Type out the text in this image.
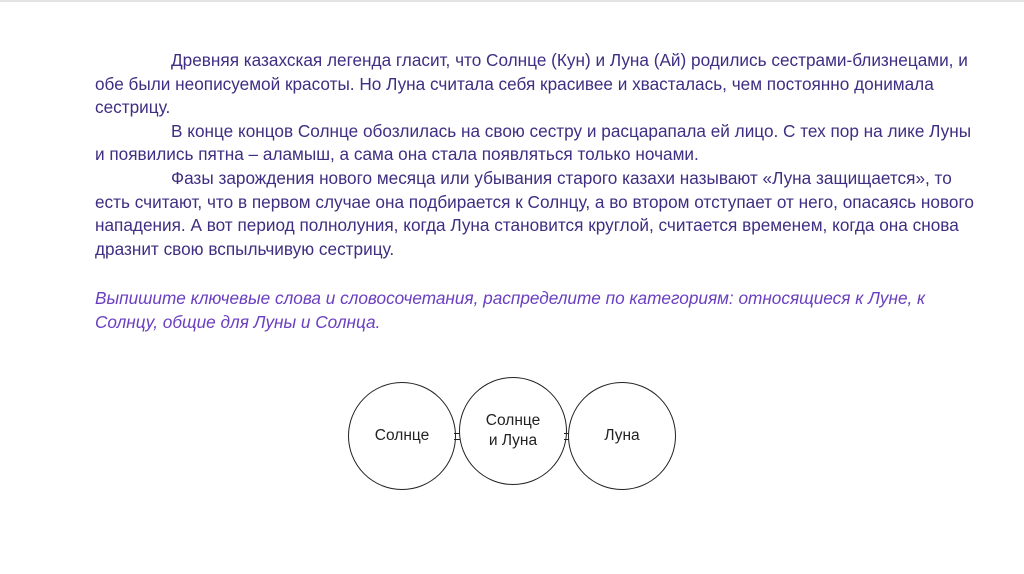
Древняя казахская легенда гласит, что Солнце (Кун) и Луна (Ай) родились сестрами-близнецами, и обе были неописуемой красоты. Но Луна считала себя красивее и хвасталась, чем постоянно донимала сестрицу.

В конце концов Солнце обозлилась на свою сестру и расцарапала ей лицо. С тех пор на лике Луны и появились пятна – аламыш, а сама она стала появляться только ночами.

Фазы зарождения нового месяца или убывания старого казахи называют «Луна защищается», то есть считают, что в первом случае она подбирается к Солнцу, а во втором отступает от него, опасаясь нового нападения. А вот период полнолуния, когда Луна становится круглой, считается временем, когда она снова дразнит свою вспыльчивую сестрицу.

Выпишите ключевые слова и словосочетания, распределите по категориям: относящиеся к Луне, к Солнцу, общие для Луны и Солнца.

Солнце
Солнце
и Луна	Луна
